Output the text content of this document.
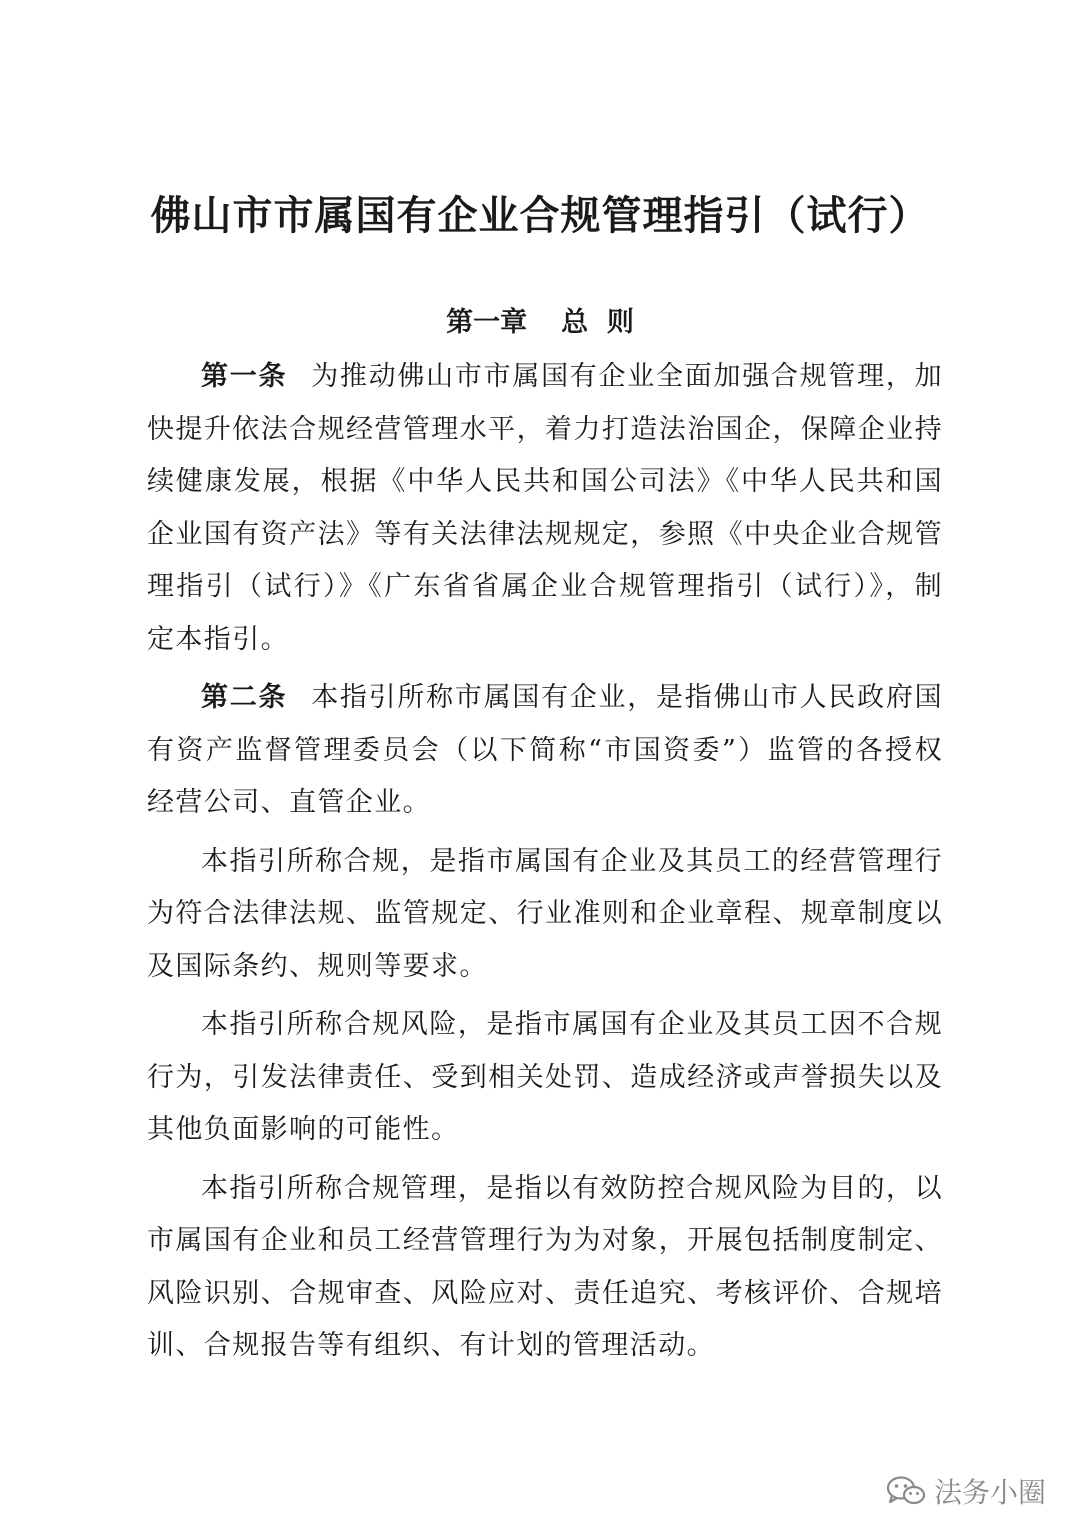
佛山市市属国有企业合规管理指引（试行）
第一章 总  则

第一条 为推动佛山市市属国有企业全面加强合规管理，加快提升依法合规经营管理水平，着力打造法治国企，保障企业持续健康发展，根据《中华人民共和国公司法》《中华人民共和国企业国有资产法》等有关法律法规规定，参照《中央企业合规管理指引（试行）》《广东省省属企业合规管理指引（试行）》，制定本指引。

第二条 本指引所称市属国有企业，是指佛山市人民政府国有资产监督管理委员会（以下简称“市国资委”）监管的各授权经营公司、直管企业。

本指引所称合规，是指市属国有企业及其员工的经营管理行为符合法律法规、监管规定、行业准则和企业章程、规章制度以及国际条约、规则等要求。

本指引所称合规风险，是指市属国有企业及其员工因不合规行为，引发法律责任、受到相关处罚、造成经济或声誉损失以及其他负面影响的可能性。

本指引所称合规管理，是指以有效防控合规风险为目的，以市属国有企业和员工经营管理行为为对象，开展包括制度制定、风险识别、合规审查、风险应对、责任追究、考核评价、合规培训、合规报告等有组织、有计划的管理活动。

法务小圈
